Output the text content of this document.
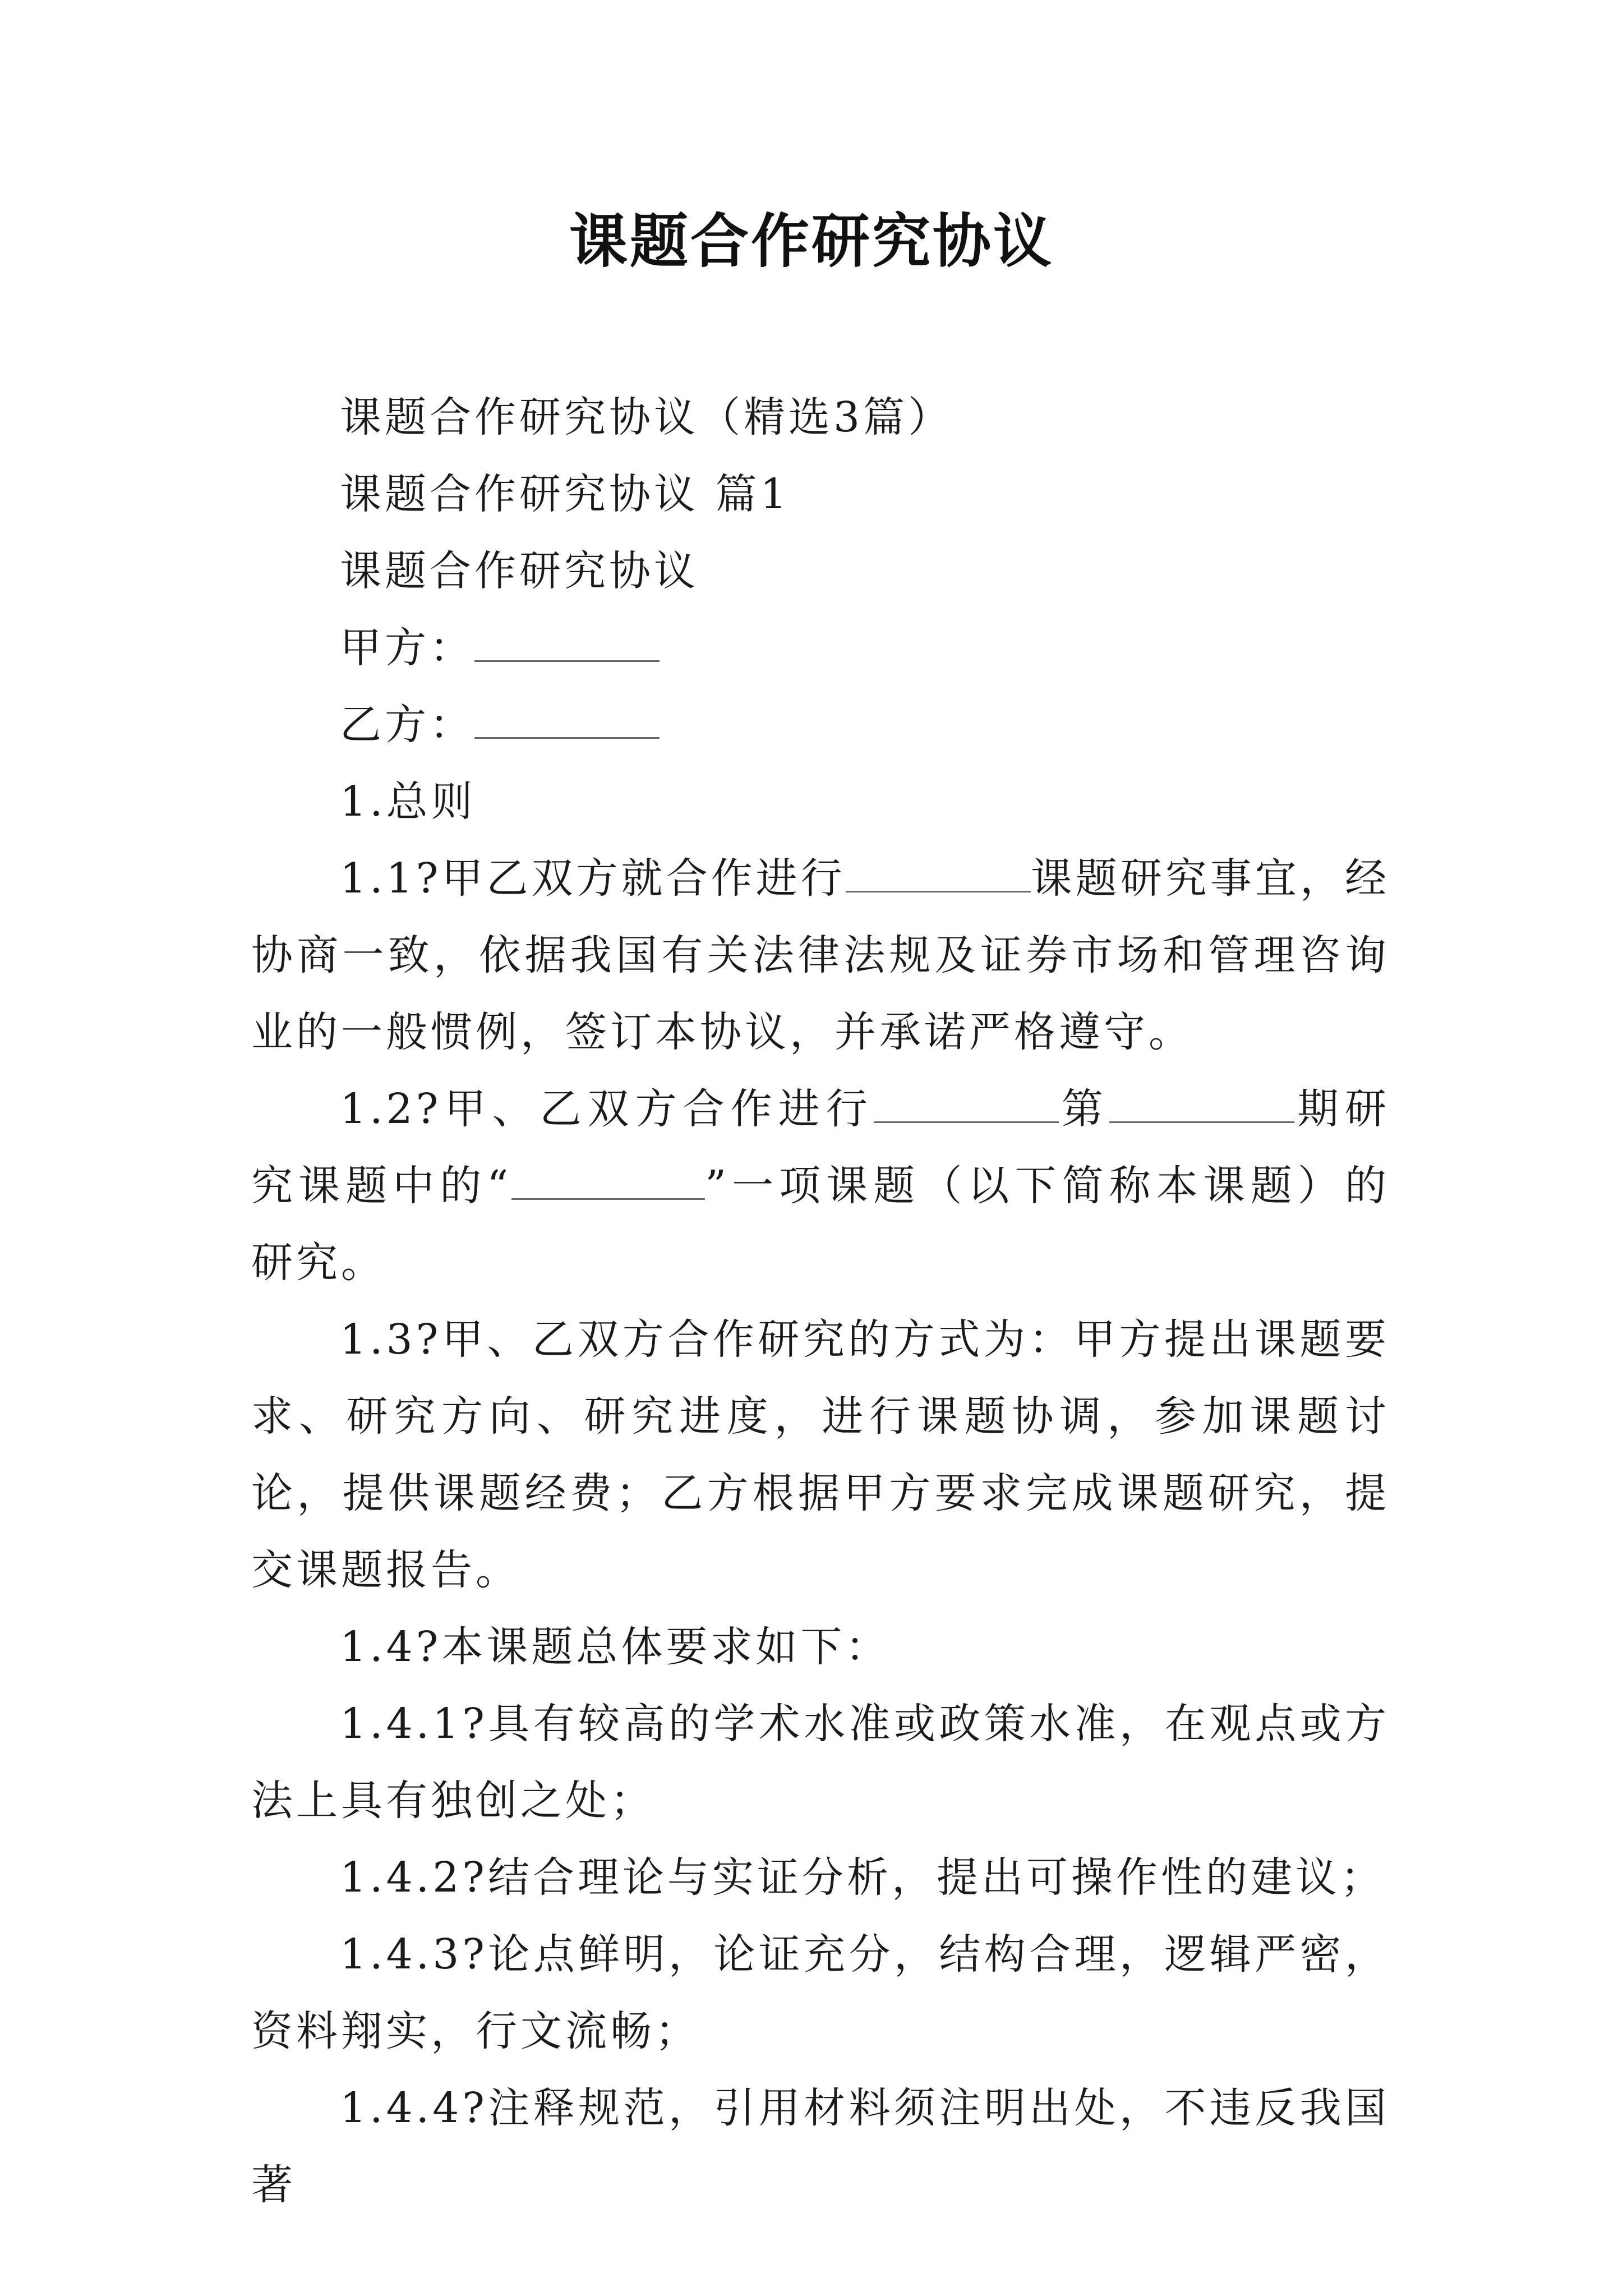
课题合作研究协议

课题合作研究协议（精选3篇）

课题合作研究协议 篇1

课题合作研究协议

甲方：

乙方：

1.总则

1.1?甲乙双方就合作进行	课题研究事宜，经协商一致，依据我国有关法律法规及证券市场和管理咨询业的一般惯例，签订本协议，并承诺严格遵守。

1.2?甲、乙双方合作进行	第	期研究课题中的“	”一项课题（以下简称本课题）的研究。

1.3?甲、乙双方合作研究的方式为：甲方提出课题要求、研究方向、研究进度，进行课题协调，参加课题讨论，提供课题经费；乙方根据甲方要求完成课题研究，提交课题报告。

1.4?本课题总体要求如下：

1.4.1?具有较高的学术水准或政策水准，在观点或方法上具有独创之处；

1.4.2?结合理论与实证分析，提出可操作性的建议；

1.4.3?论点鲜明，论证充分，结构合理，逻辑严密，资料翔实，行文流畅；

1.4.4?注释规范，引用材料须注明出处，不违反我国著
